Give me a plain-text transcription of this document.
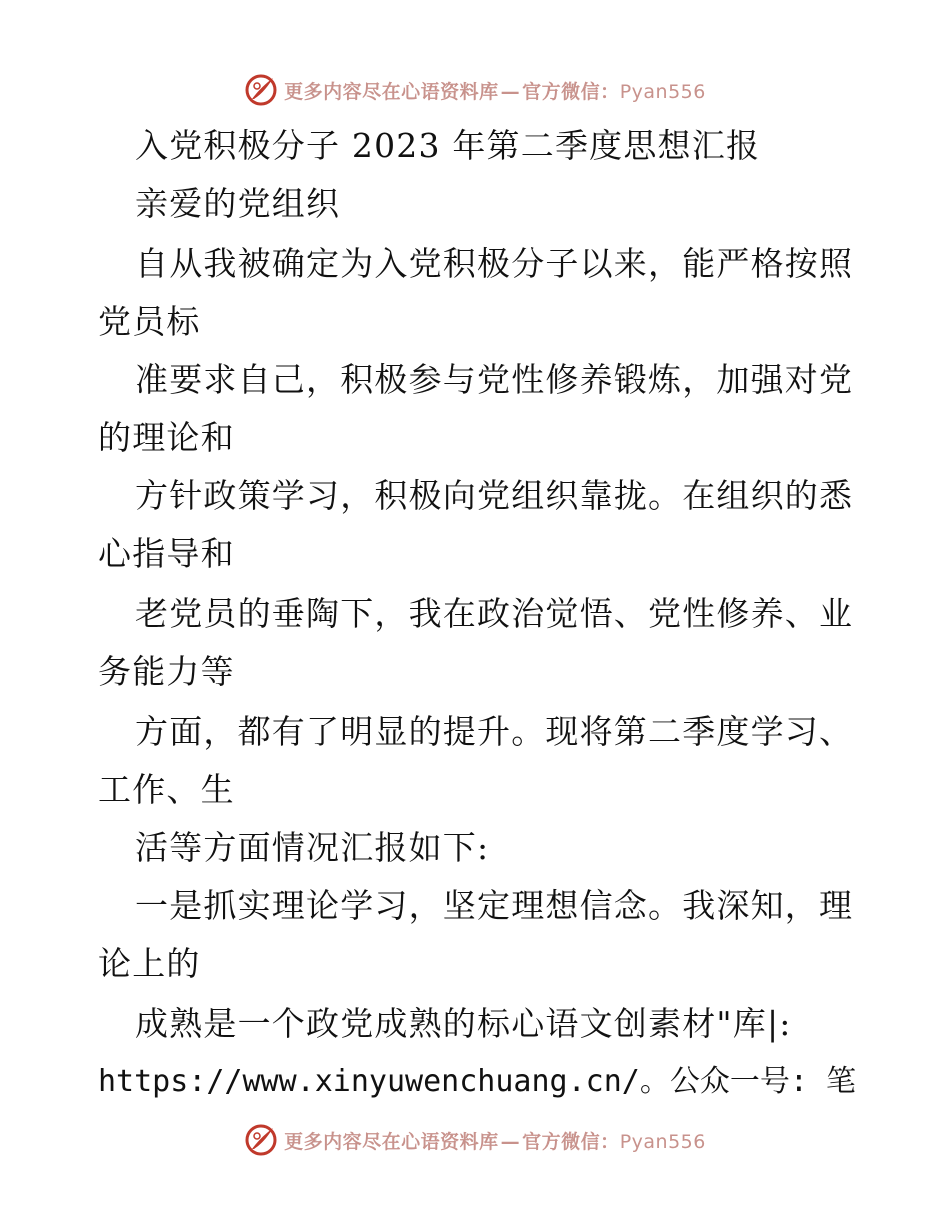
更多内容尽在心语资料库 — 官方微信：Pyan556
入党积极分子 2023 年第二季度思想汇报
亲爱的党组织
自从我被确定为入党积极分子以来，能严格按照
党员标
准要求自己，积极参与党性修养锻炼，加强对党
的理论和
方针政策学习，积极向党组织靠拢。在组织的悉
心指导和
老党员的垂陶下，我在政治觉悟、党性修养、业
务能力等
方面，都有了明显的提升。现将第二季度学习、
工作、生
活等方面情况汇报如下:
一是抓实理论学习，坚定理想信念。我深知，理
论上的
成熟是一个政党成熟的标心语文创素材"库|:
https://www.xinyuwenchuang.cn/。公众一号: 笔
更多内容尽在心语资料库 — 官方微信：Pyan556
